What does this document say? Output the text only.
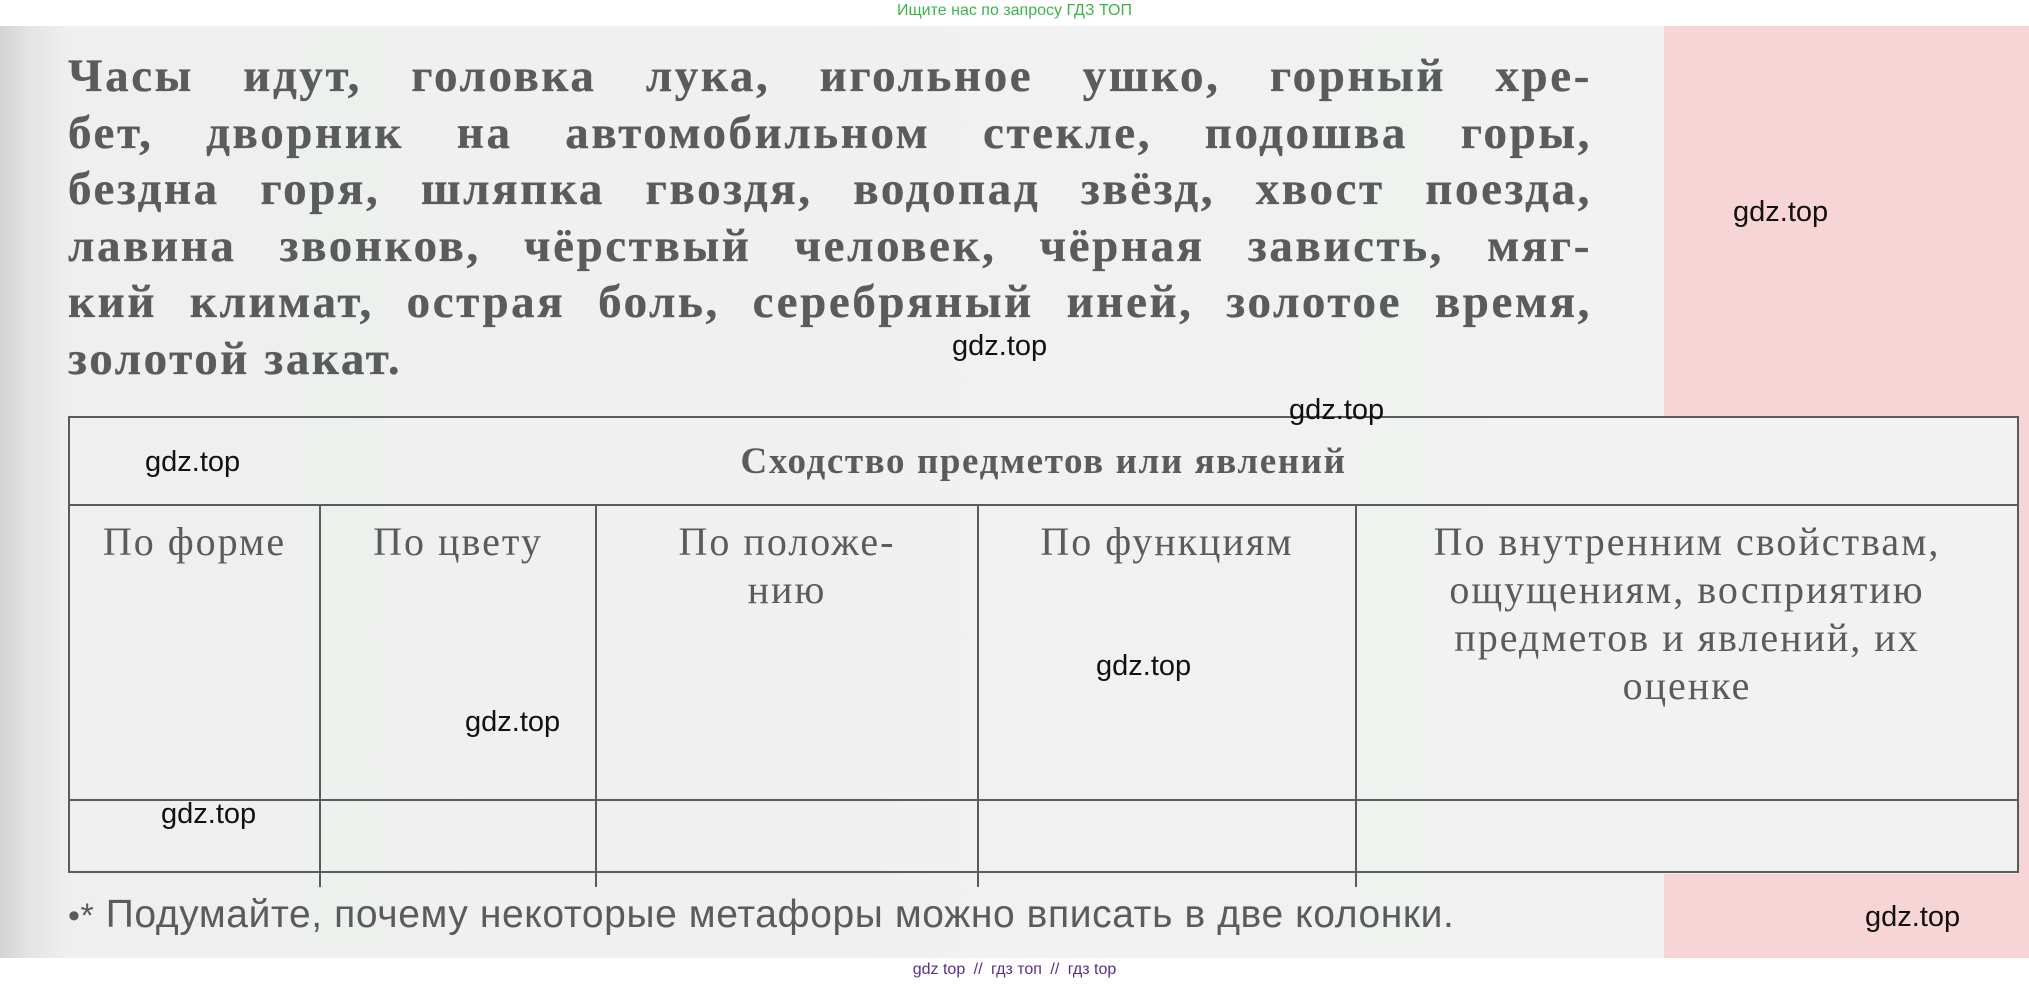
Ищите нас по запросу ГДЗ ТОП
Часы идут, головка лука, игольное ушко, горный хре-
бет, дворник на автомобильном стекле, подошва горы,
бездна горя, шляпка гвоздя, водопад звёзд, хвост поезда,
лавина звонков, чёрствый человек, чёрная зависть, мяг-
кий климат, острая боль, серебряный иней, золотое время,
золотой закат.
Сходство предметов или явлений				
По форме	По цвету	По положе-
нию	По функциям	По внутренним свойствам,
ощущениям, восприятию
предметов и явлений, их
оценке

•* Подумайте, почему некоторые метафоры можно вписать в две колонки.
gdz.top
gdz.top
gdz.top
gdz.top
gdz.top
gdz.top
gdz.top
gdz.top
gdz top // гдз топ // гдз top
